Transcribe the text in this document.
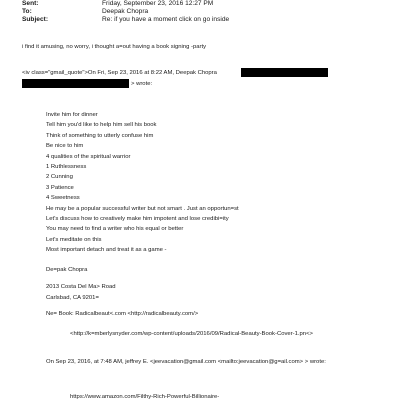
Sent:	Friday, September 23, 2016 12:27 PM
To:	Deepak Chopra
Subject:	Re: if you have a moment click on go inside
i find it amusing, no worry, i thought a=out having a book signing -party
<iv class="gmail_quote">On Fri, Sep 23, 2016 at 8:22 AM, Deepak Chopra
> wrote:
Invite him for dinner
Tell him you'd like to help him sell his book
Think of something to utterly confuse him
Be nice to him
4 qualities of the spiritual warrior
1 Ruthlessness
2 Cunning
3 Patience
4 Sweetness
He may be a popular successful writer but not smart . Just an opportun=st
Let's discuss how to creatively make him impotent and lose credibi=ity
You may need to find a writer who his equal or better
Let's meditate on this
Most important detach and treat it as a game -
De=pak Chopra
2013 Costa Del Ma> Road
Carlsbad, CA 9201=
Ne= Book: Radicalbeaut<.com <http://radicalbeauty.com/>
<http://k=mberlysnyder.com/wp-content/uploads/2016/09/Radical-Beauty-Book-Cover-1.pn<>
On Sep 23, 2016, at 7:48 AM, jeffrey E. <jeevacation@gmail.com <mailto:jeevacation@g=ail.com> > wrote:
https://www.amazon.com/Filthy-Rich-Powerful-Billionaire-
